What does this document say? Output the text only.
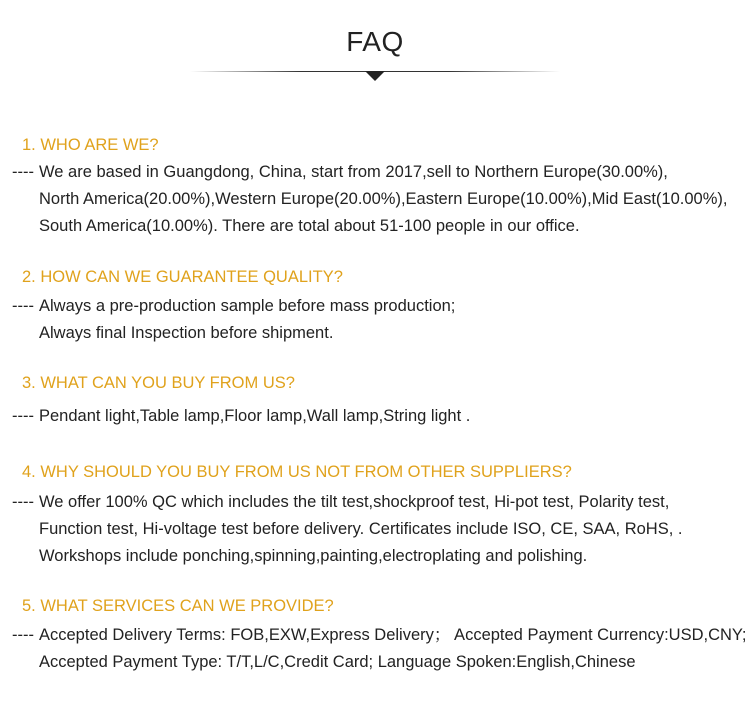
FAQ
1. WHO ARE WE?
---- We are based in Guangdong, China, start from 2017,sell to Northern Europe(30.00%),
North America(20.00%),Western Europe(20.00%),Eastern Europe(10.00%),Mid East(10.00%),
South America(10.00%). There are total about 51-100 people in our office.
2. HOW CAN WE GUARANTEE QUALITY?
---- Always a pre-production sample before mass production;
Always final Inspection before shipment.
3. WHAT CAN YOU BUY FROM US?
---- Pendant light,Table lamp,Floor lamp,Wall lamp,String light .
4. WHY SHOULD YOU BUY FROM US NOT FROM OTHER SUPPLIERS?
---- We offer 100% QC which includes the tilt test,shockproof test, Hi-pot test, Polarity test,
Function test, Hi-voltage test before delivery. Certificates include ISO, CE, SAA, RoHS, .
Workshops include ponching,spinning,painting,electroplating and polishing.
5. WHAT SERVICES CAN WE PROVIDE?
---- Accepted Delivery Terms: FOB,EXW,Express Delivery； Accepted Payment Currency:USD,CNY;
Accepted Payment Type: T/T,L/C,Credit Card; Language Spoken:English,Chinese
